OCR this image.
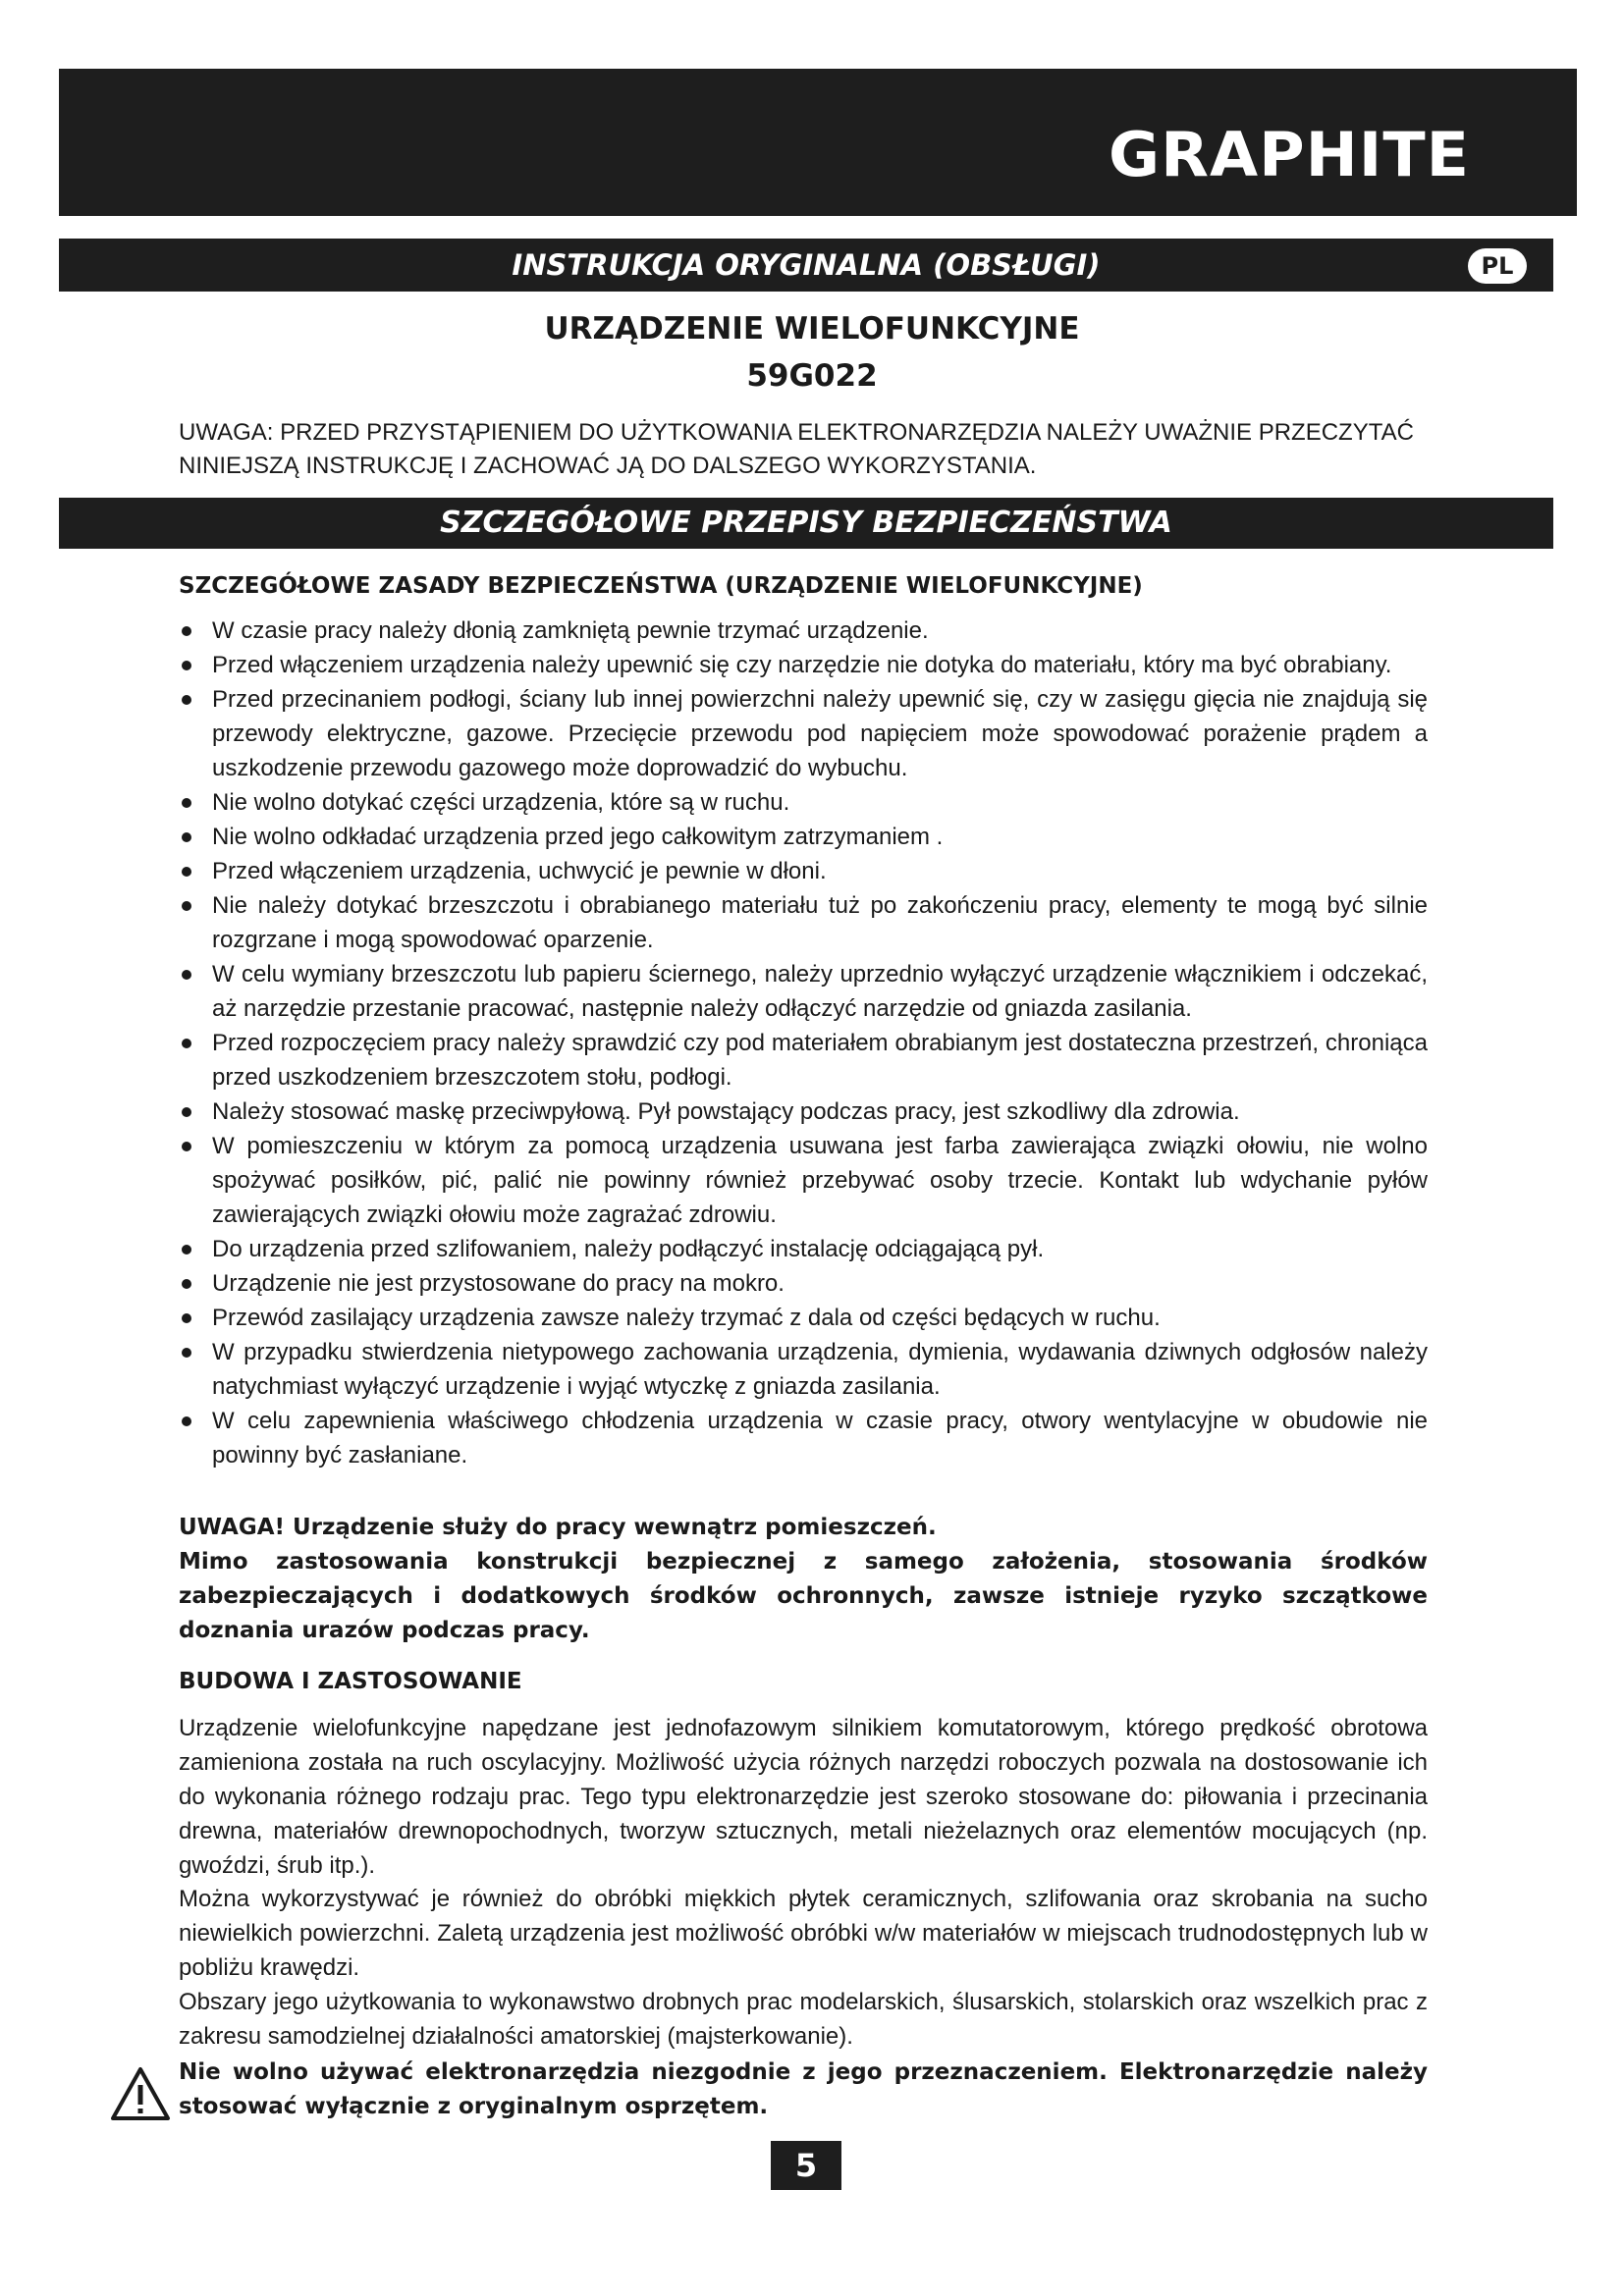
GRAPHITE
INSTRUKCJA ORYGINALNA (OBSŁUGI)	PL
URZĄDZENIE WIELOFUNKCYJNE
59G022
UWAGA: PRZED PRZYSTĄPIENIEM DO UŻYTKOWANIA ELEKTRONARZĘDZIA NALEŻY UWAŻNIE PRZECZYTAĆ NINIEJSZĄ INSTRUKCJĘ I ZACHOWAĆ JĄ DO DALSZEGO WYKORZYSTANIA.
SZCZEGÓŁOWE PRZEPISY BEZPIECZEŃSTWA
SZCZEGÓŁOWE ZASADY BEZPIECZEŃSTWA (URZĄDZENIE WIELOFUNKCYJNE)
W czasie pracy należy dłonią zamkniętą pewnie trzymać urządzenie.
Przed włączeniem urządzenia należy upewnić się czy narzędzie nie dotyka do materiału, który ma być obrabiany.
Przed przecinaniem podłogi, ściany lub innej powierzchni należy upewnić się, czy w zasięgu gięcia nie znajdują się przewody elektryczne, gazowe. Przecięcie przewodu pod napięciem może spowodować porażenie prądem a uszkodzenie przewodu gazowego może doprowadzić do wybuchu.
Nie wolno dotykać części urządzenia, które są w ruchu.
Nie wolno odkładać urządzenia przed jego całkowitym zatrzymaniem .
Przed włączeniem urządzenia, uchwycić je pewnie w dłoni.
Nie należy dotykać brzeszczotu i obrabianego materiału tuż po zakończeniu pracy, elementy te mogą być silnie rozgrzane i mogą spowodować oparzenie.
W celu wymiany brzeszczotu lub papieru ściernego, należy uprzednio wyłączyć urządzenie włącznikiem i odczekać, aż narzędzie przestanie pracować, następnie należy odłączyć narzędzie od gniazda zasilania.
Przed rozpoczęciem pracy należy sprawdzić czy pod materiałem obrabianym jest dostateczna przestrzeń, chroniąca przed uszkodzeniem brzeszczotem stołu, podłogi.
Należy stosować maskę przeciwpyłową. Pył powstający podczas pracy, jest szkodliwy dla zdrowia.
W pomieszczeniu w którym za pomocą urządzenia usuwana jest farba zawierająca związki ołowiu, nie wolno spożywać posiłków, pić, palić nie powinny również przebywać osoby trzecie. Kontakt lub wdychanie pyłów zawierających związki ołowiu może zagrażać zdrowiu.
Do urządzenia przed szlifowaniem, należy podłączyć instalację odciągającą pył.
Urządzenie nie jest przystosowane do pracy na mokro.
Przewód zasilający urządzenia zawsze należy trzymać z dala od części będących w ruchu.
W przypadku stwierdzenia nietypowego zachowania urządzenia, dymienia, wydawania dziwnych odgłosów należy natychmiast wyłączyć urządzenie i wyjąć wtyczkę z gniazda zasilania.
W celu zapewnienia właściwego chłodzenia urządzenia w czasie pracy, otwory wentylacyjne w obudowie nie powinny być zasłaniane.
UWAGA! Urządzenie służy do pracy wewnątrz pomieszczeń.
Mimo zastosowania konstrukcji bezpiecznej z samego założenia, stosowania środków zabezpieczających i dodatkowych środków ochronnych, zawsze istnieje ryzyko szczątkowe doznania urazów podczas pracy.
BUDOWA I ZASTOSOWANIE
Urządzenie wielofunkcyjne napędzane jest jednofazowym silnikiem komutatorowym, którego prędkość obrotowa zamieniona została na ruch oscylacyjny. Możliwość użycia różnych narzędzi roboczych pozwala na dostosowanie ich do wykonania różnego rodzaju prac. Tego typu elektronarzędzie jest szeroko stosowane do: piłowania i przecinania drewna, materiałów drewnopochodnych, tworzyw sztucznych, metali nieżelaznych oraz elementów mocujących (np. gwoździ, śrub itp.).
Można wykorzystywać je również do obróbki miękkich płytek ceramicznych, szlifowania oraz skrobania na sucho niewielkich powierzchni. Zaletą urządzenia jest możliwość obróbki w/w materiałów w miejscach trudnodostępnych lub w pobliżu krawędzi.
Obszary jego użytkowania to wykonawstwo drobnych prac modelarskich, ślusarskich, stolarskich oraz wszelkich prac z zakresu samodzielnej działalności amatorskiej (majsterkowanie).
Nie wolno używać elektronarzędzia niezgodnie z jego przeznaczeniem. Elektronarzędzie należy stosować wyłącznie z oryginalnym osprzętem.
5
